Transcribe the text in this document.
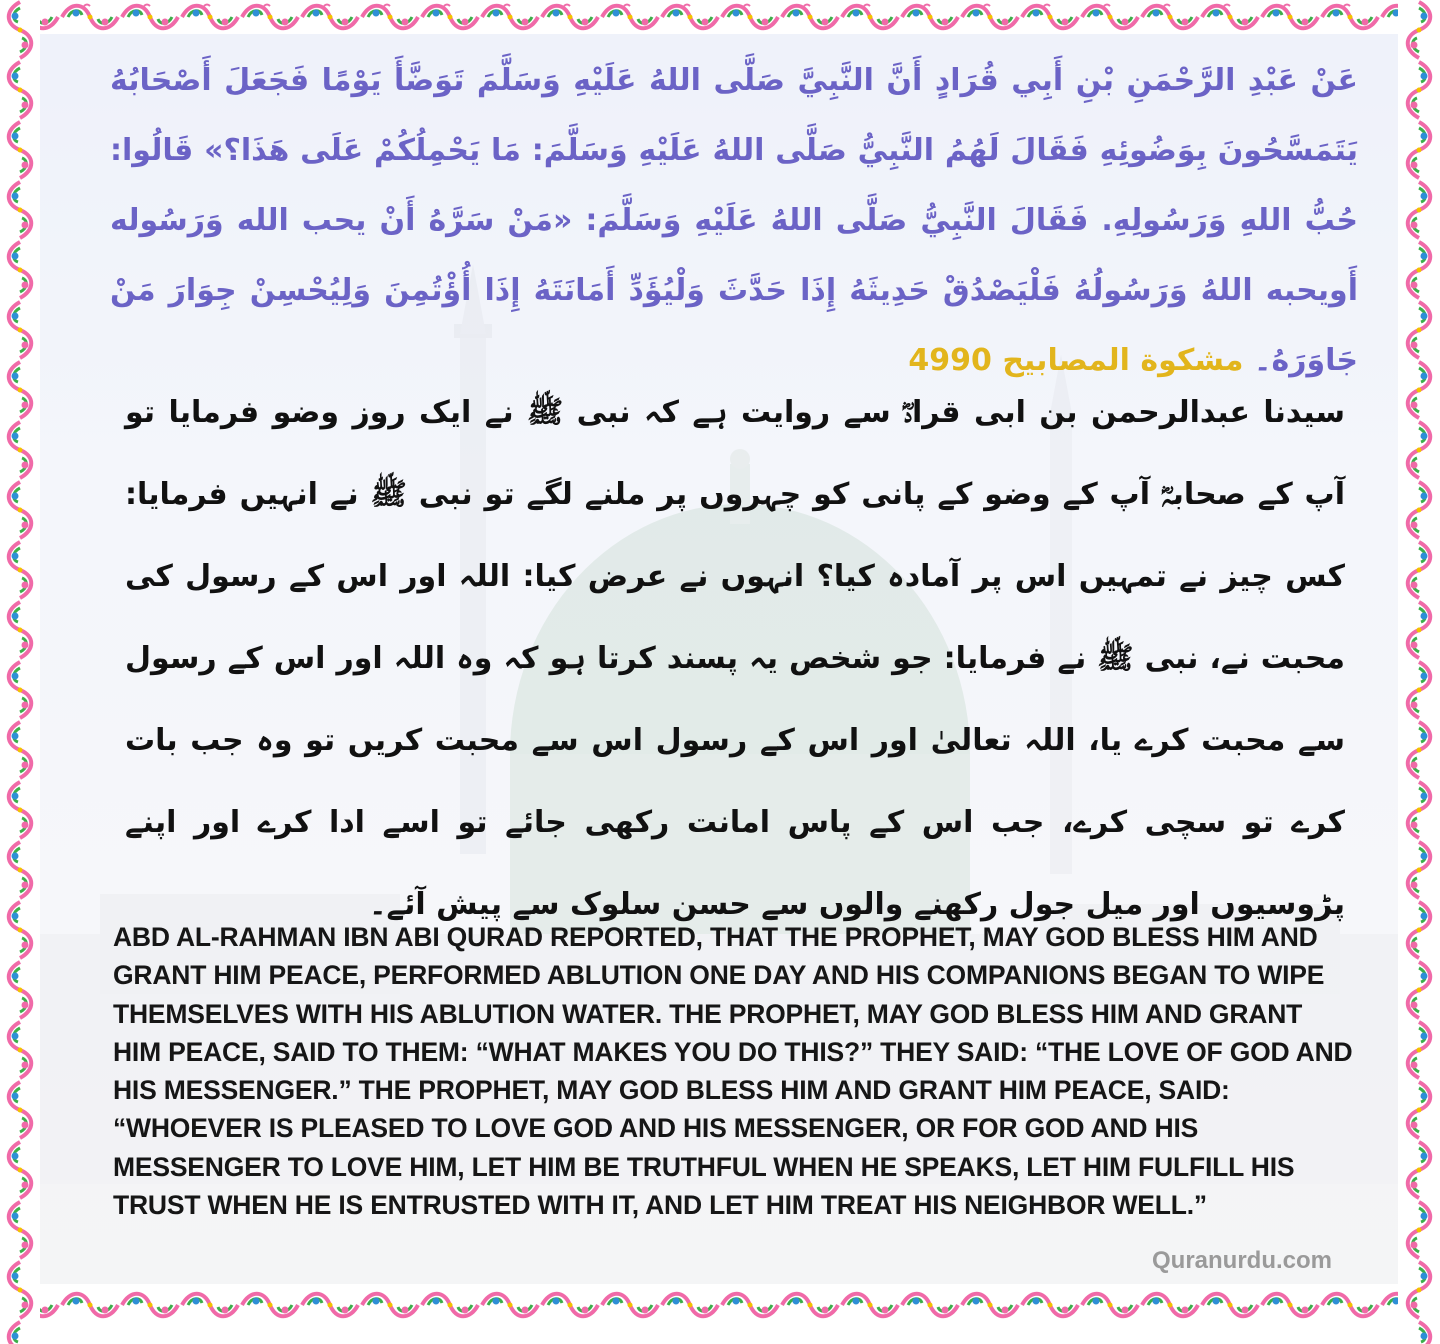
عَنْ عَبْدِ الرَّحْمَنِ بْنِ أَبِي قُرَادٍ أَنَّ النَّبِيَّ صَلَّى اللهُ عَلَيْهِ وَسَلَّمَ تَوَضَّأَ يَوْمًا فَجَعَلَ أَصْحَابُهُ يَتَمَسَّحُونَ بِوَضُوئِهِ فَقَالَ لَهُمُ النَّبِيُّ صَلَّى اللهُ عَلَيْهِ وَسَلَّمَ: مَا يَحْمِلُكُمْ عَلَى هَذَا؟» قَالُوا: حُبُّ اللهِ وَرَسُولِهِ. فَقَالَ النَّبِيُّ صَلَّى اللهُ عَلَيْهِ وَسَلَّمَ: «مَنْ سَرَّهُ أَنْ يحب الله وَرَسُوله أَويحبه اللهُ وَرَسُولُهُ فَلْيَصْدُقْ حَدِيثَهُ إِذَا حَدَّثَ وَلْيُؤَدِّ أَمَانَتَهُ إِذَا أُؤْتُمِنَ وَلِيُحْسِنْ جِوَارَ مَنْ جَاوَرَهُ۔ مشكوة المصابيح 4990
سیدنا عبدالرحمن بن ابی قرادؓ سے روایت ہے کہ نبی ﷺ نے ایک روز وضو فرمایا تو آپ کے صحابہؓ آپ کے وضو کے پانی کو چہروں پر ملنے لگے تو نبی ﷺ نے انہیں فرمایا: کس چیز نے تمہیں اس پر آمادہ کیا؟ انہوں نے عرض کیا: اللہ اور اس کے رسول کی محبت نے، نبی ﷺ نے فرمایا: جو شخص یہ پسند کرتا ہو کہ وہ اللہ اور اس کے رسول سے محبت کرے یا، اللہ تعالیٰ اور اس کے رسول اس سے محبت کریں تو وہ جب بات کرے تو سچی کرے، جب اس کے پاس امانت رکھی جائے تو اسے ادا کرے اور اپنے پڑوسیوں اور میل جول رکھنے والوں سے حسن سلوک سے پیش آئے۔
ABD AL-RAHMAN IBN ABI QURAD REPORTED, THAT THE PROPHET, MAY GOD BLESS HIM AND GRANT HIM PEACE, PERFORMED ABLUTION ONE DAY AND HIS COMPANIONS BEGAN TO WIPE THEMSELVES WITH HIS ABLUTION WATER. THE PROPHET, MAY GOD BLESS HIM AND GRANT HIM PEACE, SAID TO THEM: “WHAT MAKES YOU DO THIS?” THEY SAID: “THE LOVE OF GOD AND HIS MESSENGER.” THE PROPHET, MAY GOD BLESS HIM AND GRANT HIM PEACE, SAID: “WHOEVER IS PLEASED TO LOVE GOD AND HIS MESSENGER, OR FOR GOD AND HIS MESSENGER TO LOVE HIM, LET HIM BE TRUTHFUL WHEN HE SPEAKS, LET HIM FULFILL HIS TRUST WHEN HE IS ENTRUSTED WITH IT, AND LET HIM TREAT HIS NEIGHBOR WELL.”
Quranurdu.com
